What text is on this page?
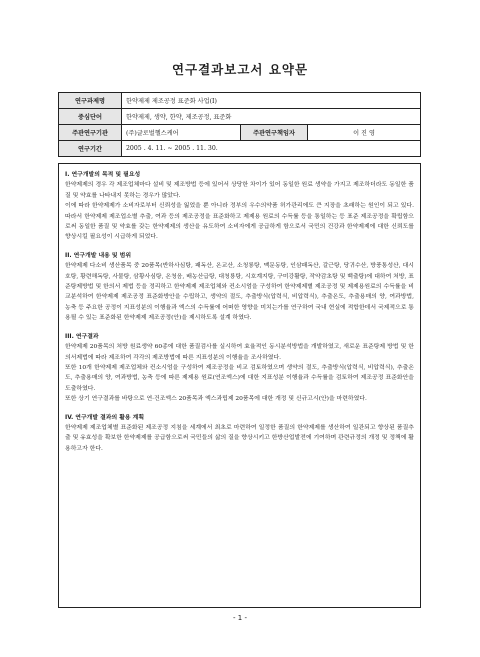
연구결과보고서 요약문
연구과제명	한약제제 제조공정 표준화 사업(I)		
중심단어	한약제제, 생약, 한약, 제조공정, 표준화		
주관연구기관	(주)글로벌헬스케어	주관연구책임자	이 진 영
연구기간	2005 . 4. 11. ~ 2005 . 11. 30.		
I. 연구개발의 목적 및 필요성

한약제제의 경우 각 제조업체마다 설비 및 제조방법 등에 있어서 상당한 차이가 있어 동일한 원료 생약을 가지고 제조하더라도 동일한 품질 및 약효를 나타내지 못하는 경우가 많았다.

이에 따라 한약제제가 소비자로부터 신뢰성을 잃었을 뿐 아니라 정부의 우수의약품 허가관리에도 큰 지장을 초래하는 원인이 되고 있다. 따라서 한약제제 제조업소별 추출, 여과 등의 제조공정을 표준화하고 제제용 원료의 수득률 등을 통일하는 등 표준 제조공정을 확립함으로써 동일한 품질 및 약효를 갖는 한약제제의 생산을 유도하여 소비자에게 공급하게 함으로서 국민의 건강과 한약제제에 대한 신뢰도를 향상시킬 필요성이 시급하게 되었다.

II. 연구개발 내용 및 범위

한약제제 다소비 생산품목 중 20품목(반하사심탕, 패독산, 온교산, 소청룡탕, 맥문동탕, 인삼패독산, 갈근탕, 당귀수산, 방풍통성산, 대시호탕, 황련해독탕, 사물탕, 삼황사심탕, 온청음, 배농산급탕, 대청룡탕, 시호계지탕, 구미강활탕, 작약감초탕 및 백출탕)에 대하여 처방, 표준탕제방법 및 한의서 제법 등을 정리하고 한약제제 제조업체와 컨소시엄을 구성하여 한약제제별 제조공정 및 제제용원료의 수득률을 비교분석하여 한약제제 제조공정 표준화방안을 수립하고, 생약의 절도, 추출방식(압력식, 비압력식), 추출온도, 추출용매의 양, 여과방법, 농축 등 주요한 공정이 지표성분의 이행율과 엑스의 수득률에 어떠한 영향을 미치는가를 연구하여 국내 현실에 적합한데서 국제적으로 통용될 수 있는 표준화된 한약제제 제조공정(안)을 제시하도록 설계 하였다.

III. 연구결과

한약제제 20품목의 처방 원료생약 60종에 대한 품질검사를 실시하여 효율적인 동시분석방법을 개발하였고, 새로운 표준탕제 방법 및 한의서제법에 따라 제조하여 각각의 제조방법에 따른 지표성분의 이행율을 조사하였다.

또한 10개 한약제제 제조업체와 컨소시엄을 구성하여 제조공정을 비교 검토하였으며 생약의 절도, 추출방식(압력식, 비압력식), 추출온도, 추출용매의 양, 여과방법, 농축 등에 따른 제제용 원료(연조엑스)에 대한 지표성분 이행율과 수득률을 검토하여 제조공정 표준화안을 도출하였다.

또한 상기 연구결과를 바탕으로 연·건조엑스 20품목과 엑스과립제 20품목에 대한 개정 및 신규고시(안)을 마련하였다.

IV. 연구개발 결과의 활용 계획

한약제제 제조업체별 표준화된 제조공정 지침을 세계에서 최초로 마련하여 일정한 품질의 한약제제를 생산하여 일관되고 향상된 품질추출 및 유효성을 확보한 한약제제를 공급함으로써 국민들의 삶의 질을 향상시키고 한방산업발전에 기여하며 관련규정의 개정 및 정책에 활용하고자 한다.

- 1 -
